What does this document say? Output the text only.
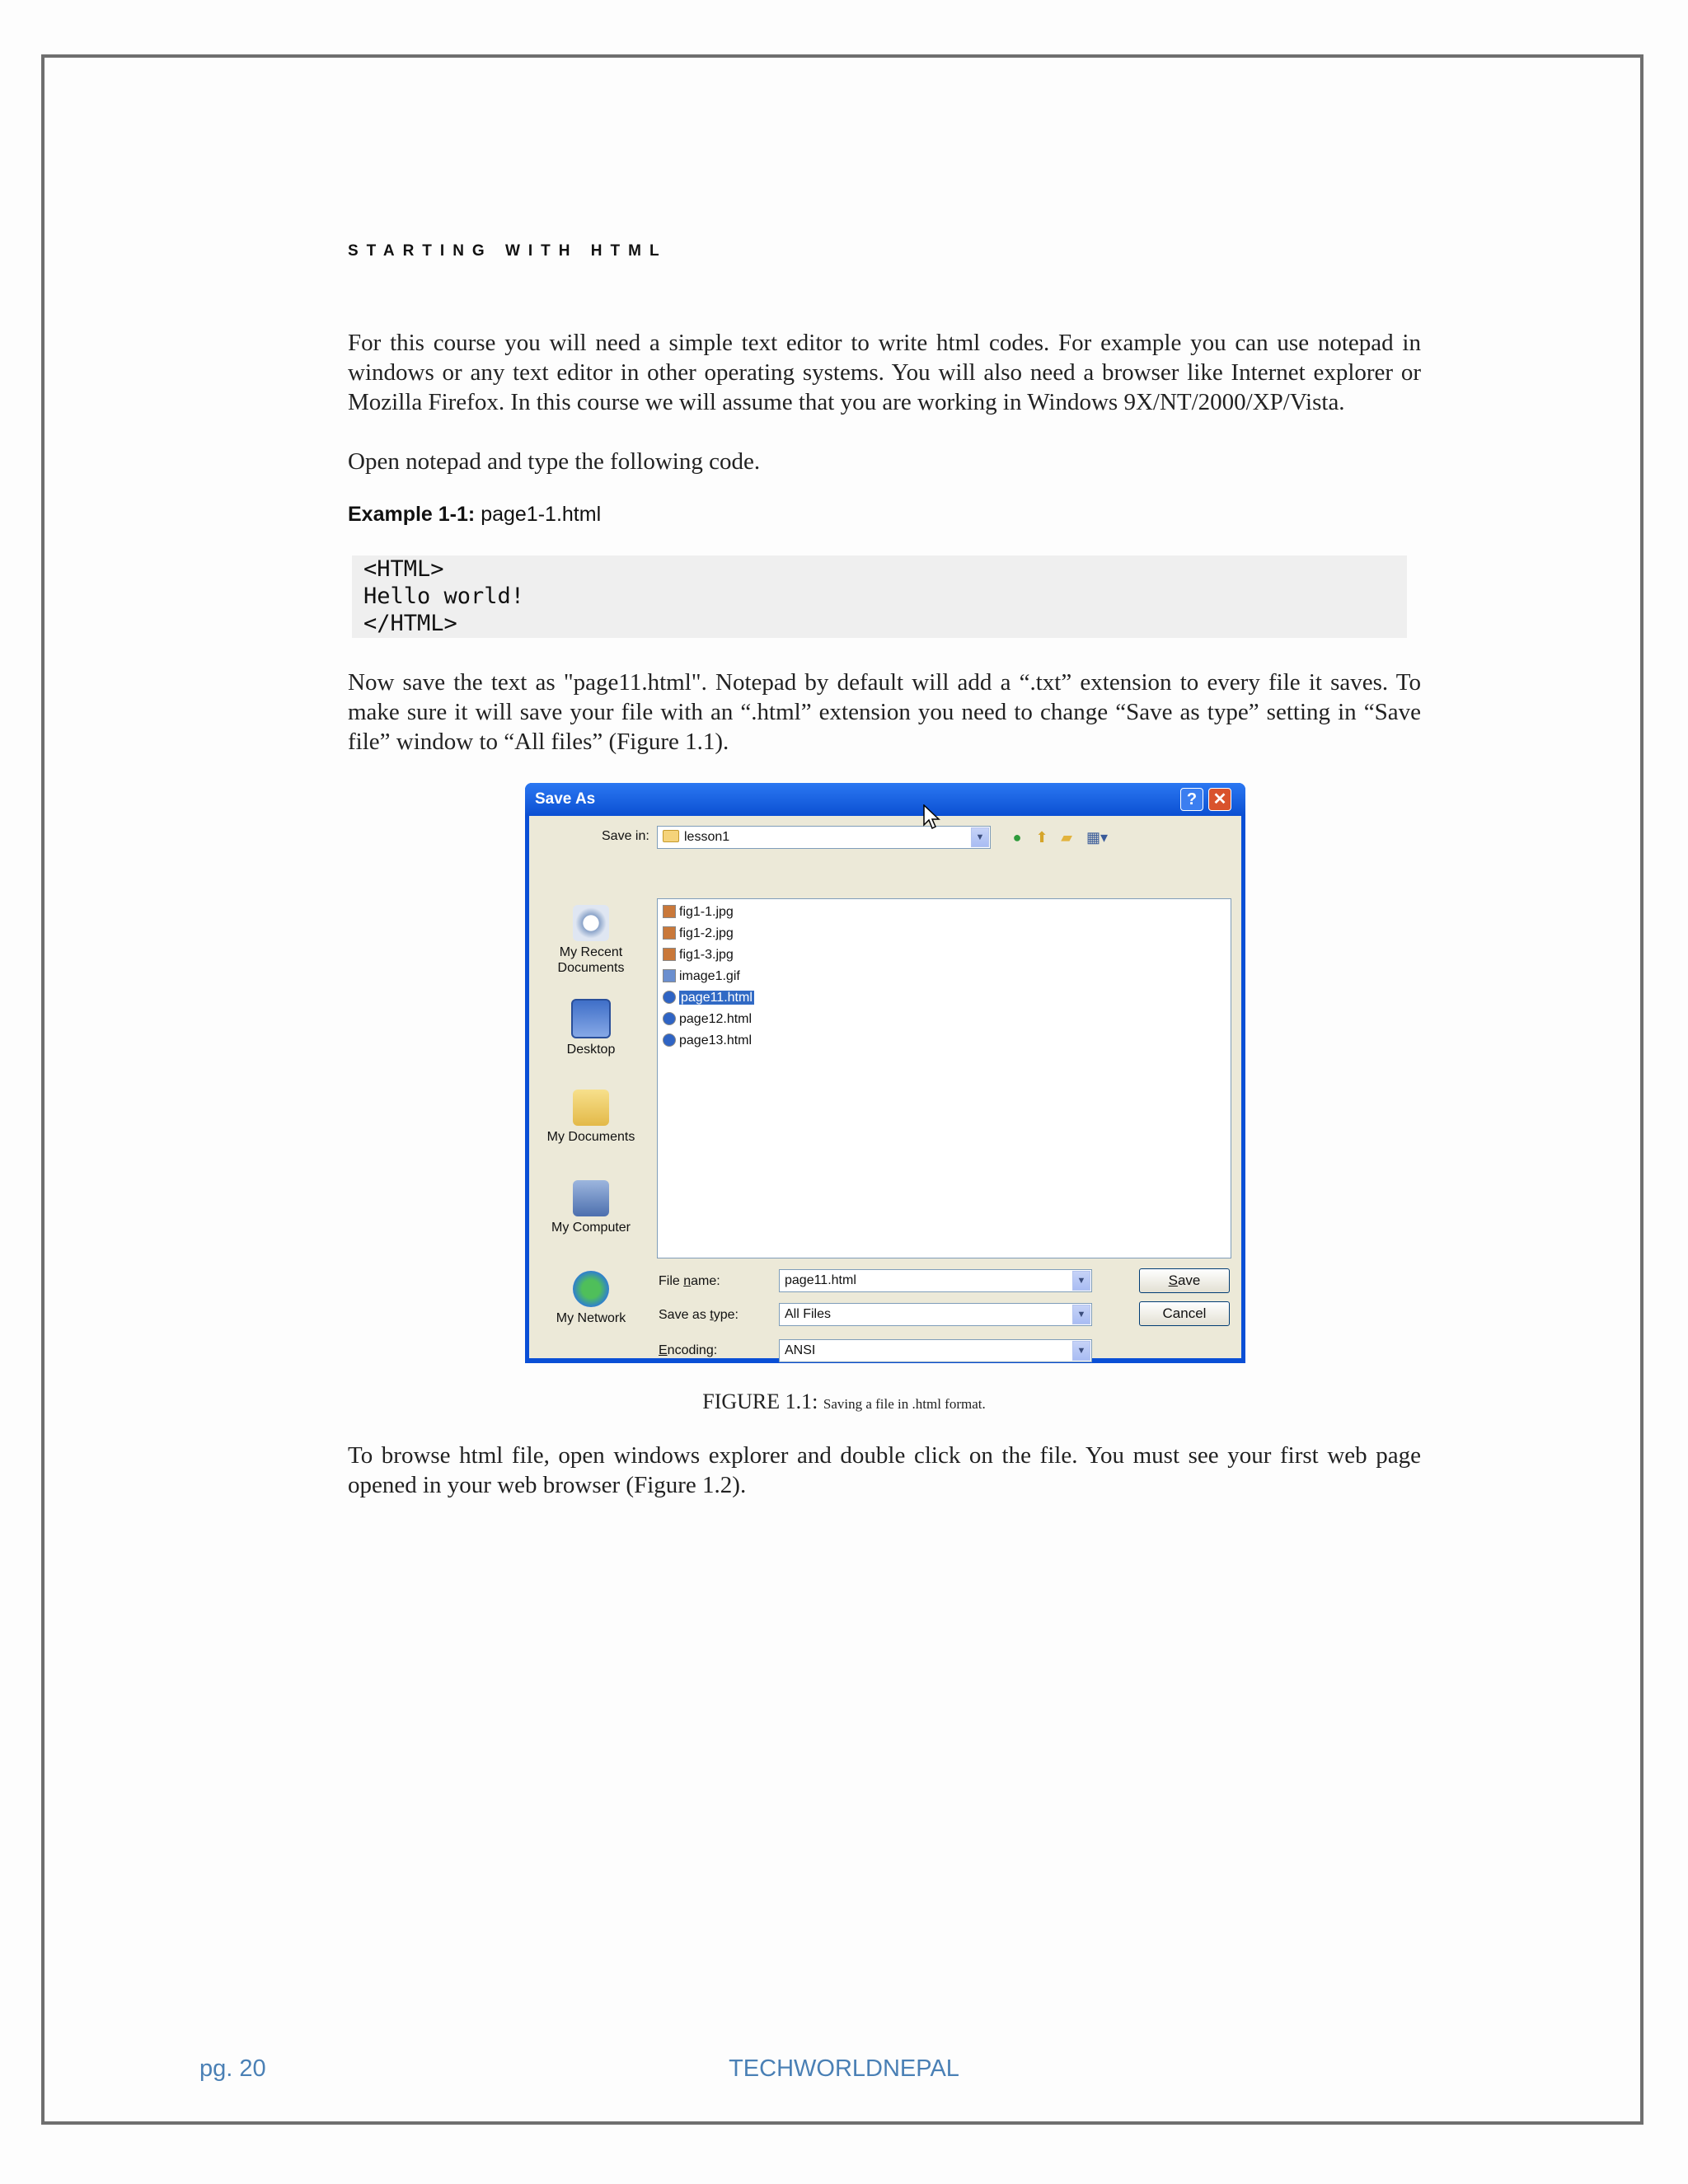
STARTING WITH HTML
For this course you will need a simple text editor to write html codes. For example you can use notepad in windows or any text editor in other operating systems. You will also need a browser like Internet explorer or Mozilla Firefox. In this course we will assume that you are working in Windows 9X/NT/2000/XP/Vista.
Open notepad and type the following code.
Example 1-1: page1-1.html
<HTML>
Hello world!
</HTML>
Now save the text as "page11.html". Notepad by default will add a “.txt” extension to every file it saves. To make sure it will save your file with an “.html” extension you need to change “Save as type” setting in “Save file” window to “All files” (Figure 1.1).
Save As	? ✕
Save in:	lesson1	▼	● ⬆ ▰ ▦▾
My Recent
Documents
Desktop
My Documents
My Computer
My Network
fig1-1.jpg
fig1-2.jpg
fig1-3.jpg
image1.gif
page11.html
page12.html
page13.html
File name:	page11.html	▼
Save as type:	All Files	▼
Encoding:	ANSI	▼
Save
Cancel
FIGURE 1.1: Saving a file in .html format.
To browse html file, open windows explorer and double click on the file. You must see your first web page opened in your web browser (Figure 1.2).
pg. 20	TECHWORLDNEPAL
